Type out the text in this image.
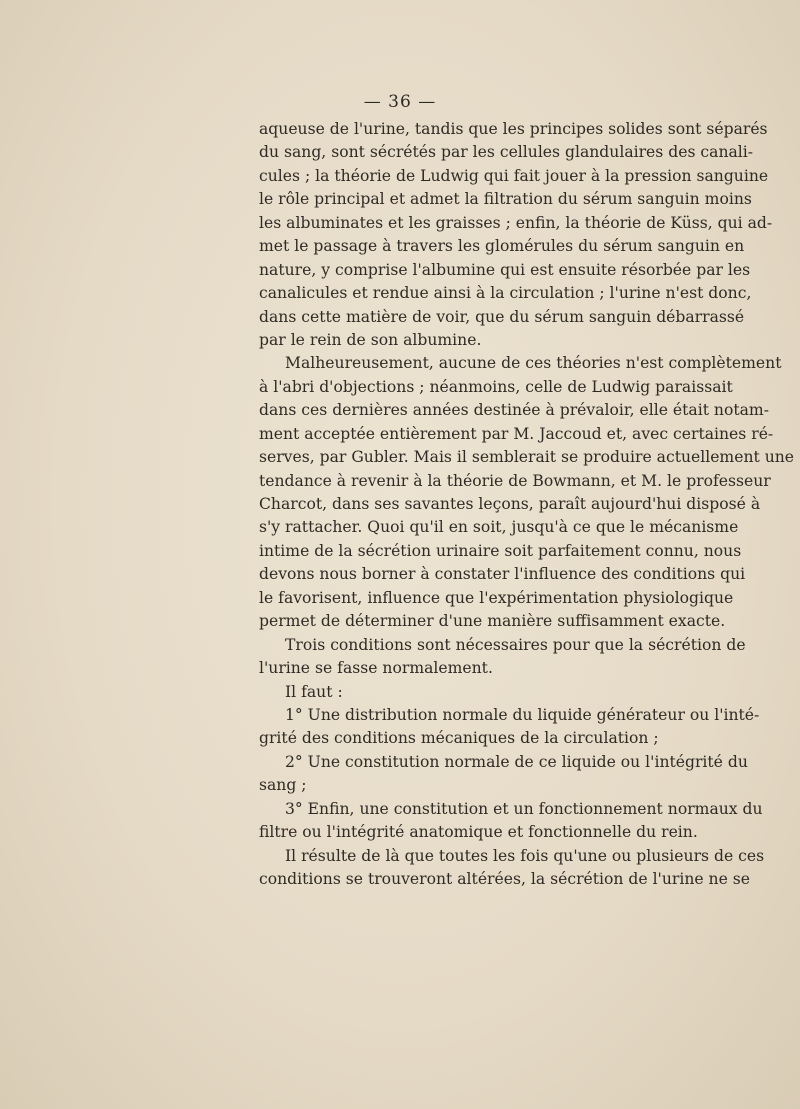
— 36 —
aqueuse de l'urine, tandis que les principes solides sont séparés
du sang, sont sécrétés par les cellules glandulaires des canali-
cules ; la théorie de Ludwig qui fait jouer à la pression sanguine
le rôle principal et admet la filtration du sérum sanguin moins
les albuminates et les graisses ; enfin, la théorie de Küss, qui ad-
met le passage à travers les glomérules du sérum sanguin en
nature, y comprise l'albumine qui est ensuite résorbée par les
canalicules et rendue ainsi à la circulation ; l'urine n'est donc,
dans cette matière de voir, que du sérum sanguin débarrassé
par le rein de son albumine.
Malheureusement, aucune de ces théories n'est complètement
à l'abri d'objections ; néanmoins, celle de Ludwig paraissait
dans ces dernières années destinée à prévaloir, elle était notam-
ment acceptée entièrement par M. Jaccoud et, avec certaines ré-
serves, par Gubler. Mais il semblerait se produire actuellement une
tendance à revenir à la théorie de Bowmann, et M. le professeur
Charcot, dans ses savantes leçons, paraît aujourd'hui disposé à
s'y rattacher. Quoi qu'il en soit, jusqu'à ce que le mécanisme
intime de la sécrétion urinaire soit parfaitement connu, nous
devons nous borner à constater l'influence des conditions qui
le favorisent, influence que l'expérimentation physiologique
permet de déterminer d'une manière suffisamment exacte.
Trois conditions sont nécessaires pour que la sécrétion de
l'urine se fasse normalement.
Il faut :
1° Une distribution normale du liquide générateur ou l'inté-
grité des conditions mécaniques de la circulation ;
2° Une constitution normale de ce liquide ou l'intégrité du
sang ;
3° Enfin, une constitution et un fonctionnement normaux du
filtre ou l'intégrité anatomique et fonctionnelle du rein.
Il résulte de là que toutes les fois qu'une ou plusieurs de ces
conditions se trouveront altérées, la sécrétion de l'urine ne se
